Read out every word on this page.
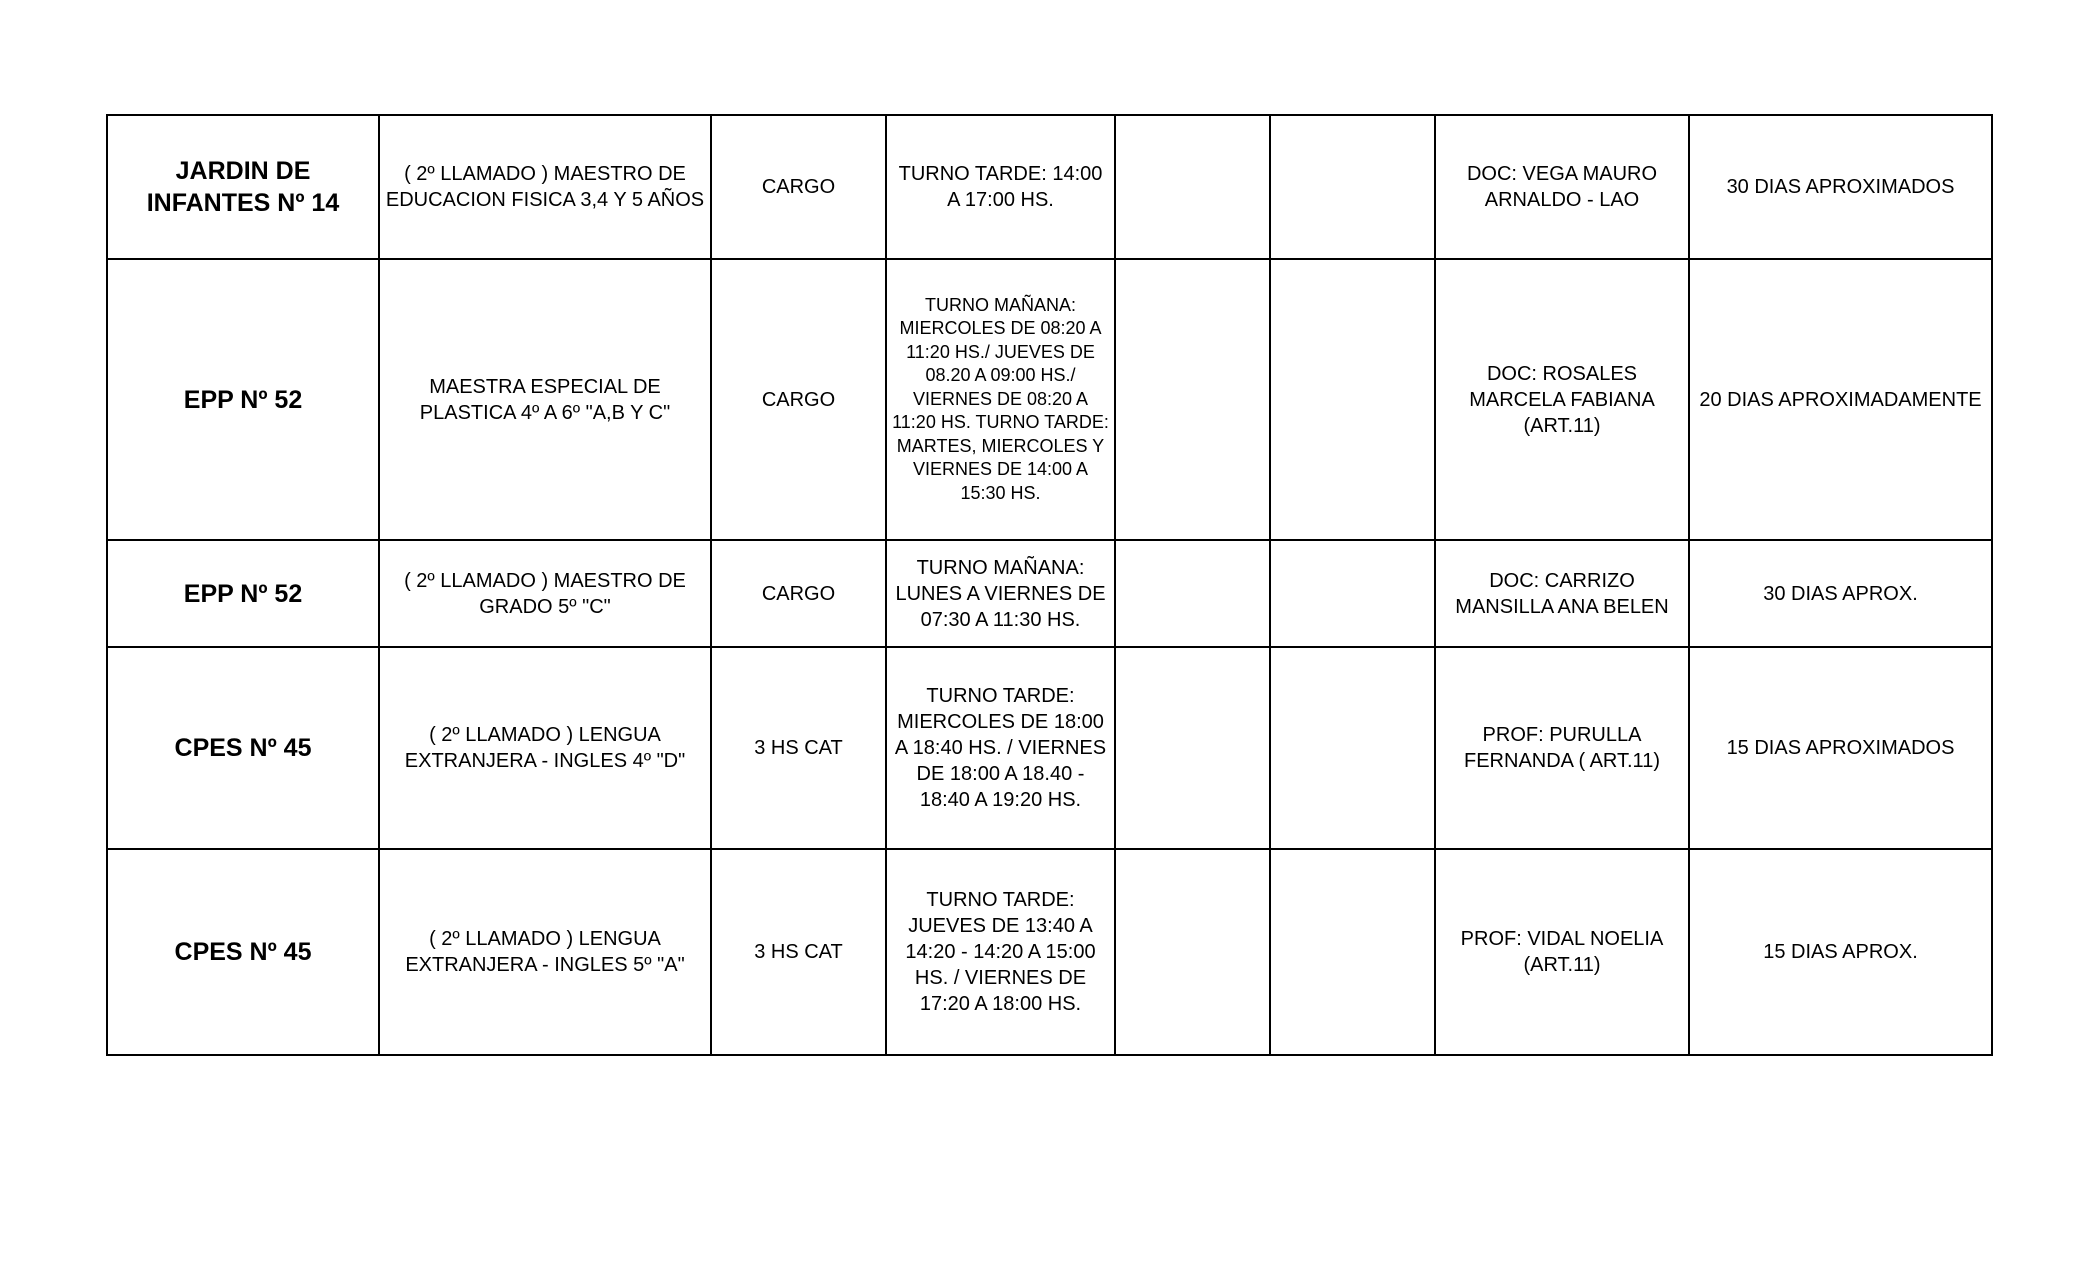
JARDIN DE INFANTES Nº 14	( 2º LLAMADO ) MAESTRO DE EDUCACION FISICA 3,4 Y 5 AÑOS	CARGO	TURNO TARDE: 14:00 A 17:00 HS.			DOC: VEGA MAURO ARNALDO - LAO	30 DIAS APROXIMADOS
EPP Nº 52	MAESTRA ESPECIAL DE PLASTICA 4º A 6º "A,B Y C"	CARGO	TURNO MAÑANA: MIERCOLES DE 08:20 A 11:20 HS./ JUEVES DE 08.20 A 09:00 HS./ VIERNES DE 08:20 A 11:20 HS. TURNO TARDE: MARTES, MIERCOLES Y VIERNES DE 14:00 A 15:30 HS.			DOC: ROSALES MARCELA FABIANA (ART.11)	20 DIAS APROXIMADAMENTE
EPP Nº 52	( 2º LLAMADO ) MAESTRO DE GRADO 5º "C"	CARGO	TURNO MAÑANA: LUNES A VIERNES DE 07:30 A 11:30 HS.			DOC: CARRIZO MANSILLA ANA BELEN	30 DIAS APROX.
CPES Nº 45	( 2º LLAMADO ) LENGUA EXTRANJERA - INGLES 4º "D"	3 HS CAT	TURNO TARDE: MIERCOLES DE 18:00 A 18:40 HS. / VIERNES DE 18:00 A 18.40 - 18:40 A 19:20 HS.			PROF: PURULLA FERNANDA ( ART.11)	15 DIAS APROXIMADOS
CPES Nº 45	( 2º LLAMADO ) LENGUA EXTRANJERA - INGLES 5º "A"	3 HS CAT	TURNO TARDE: JUEVES DE 13:40 A 14:20 - 14:20 A 15:00 HS. / VIERNES DE 17:20 A 18:00 HS.			PROF: VIDAL NOELIA (ART.11)	15 DIAS APROX.
